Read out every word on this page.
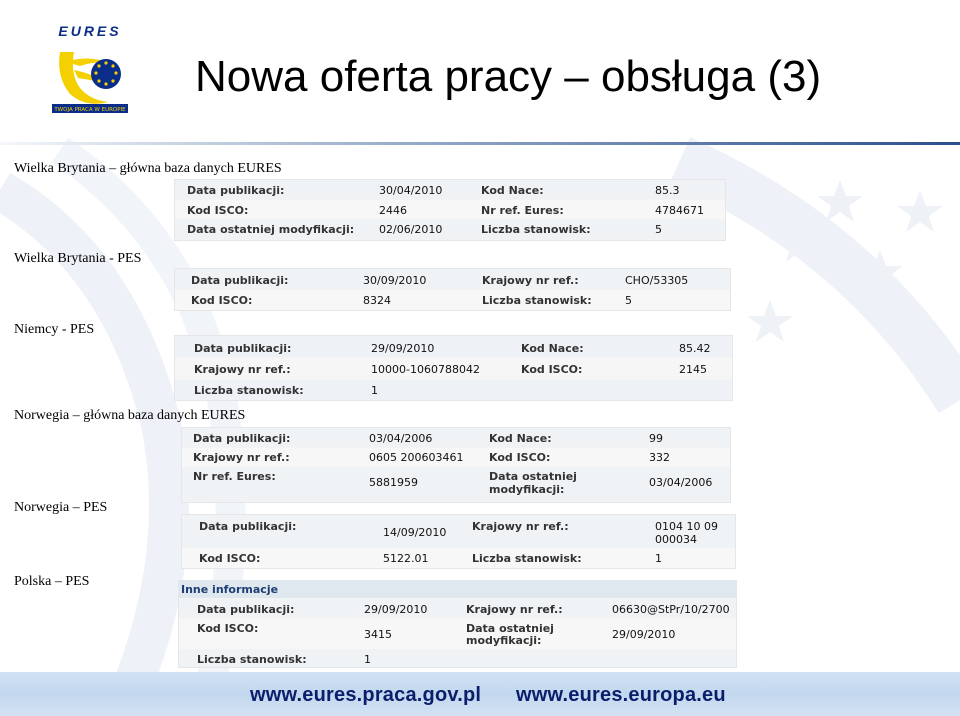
EURES
TWOJA PRACA W EUROPIE
Nowa oferta pracy – obsługa (3)
Wielka Brytania – główna baza danych EURES
Wielka Brytania - PES
Niemcy - PES
Norwegia – główna baza danych EURES
Norwegia – PES
Polska – PES
Data publikacji:	30/04/2010	Kod Nace:	85.3
Kod ISCO:	2446	Nr ref. Eures:	4784671
Data ostatniej modyfikacji: 02/06/2010	Liczba stanowisk:	5
Data publikacji:	30/09/2010	Krajowy nr ref.:	CHO/53305
Kod ISCO:	8324	Liczba stanowisk:	5
Data publikacji:	29/09/2010	Kod Nace:	85.42
Krajowy nr ref.:	10000-1060788042	Kod ISCO:	2145
Liczba stanowisk:	1
Data publikacji:	03/04/2006	Kod Nace:	99
Krajowy nr ref.:	0605 200603461 Kod ISCO:	332
Nr ref. Eures:	5881959	Data ostatniej
modyfikacji:
03/04/2006
Data publikacji:	14/09/2010 Krajowy nr ref.:	0104 10 09
000034
Kod ISCO:	5122.01	Liczba stanowisk:	1
Inne informacje
Data publikacji:	29/09/2010	Krajowy nr ref.:	06630@StPr/10/2700
Kod ISCO:	3415	Data ostatniej
modyfikacji:	29/09/2010
Liczba stanowisk:	1
www.eures.praca.gov.pl www.eures.europa.eu
